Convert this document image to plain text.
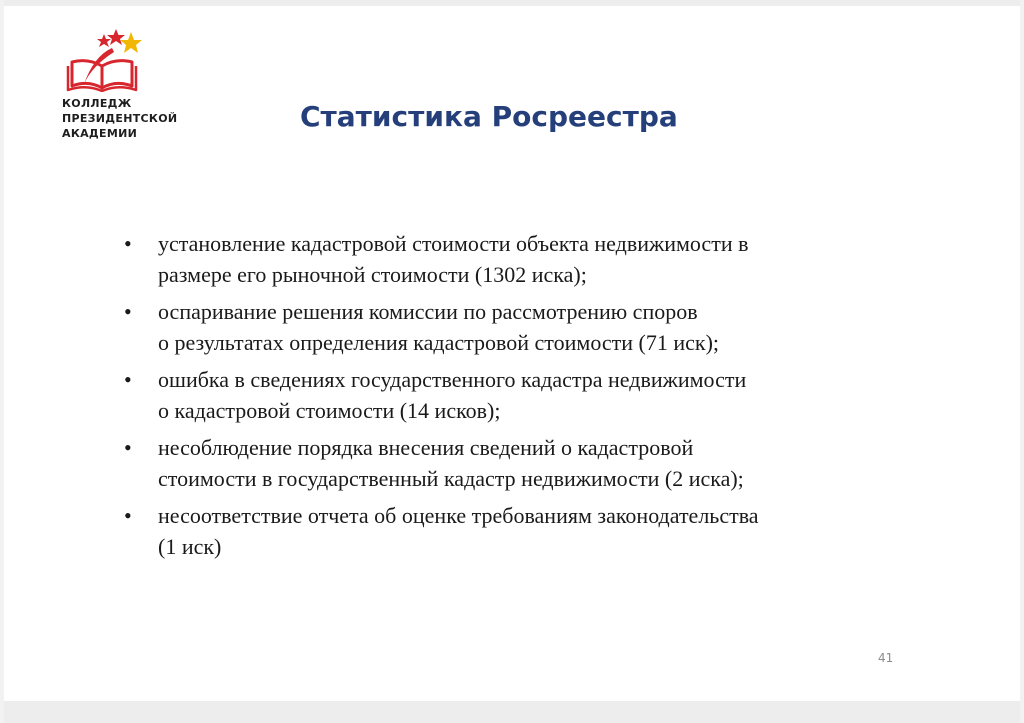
КОЛЛЕДЖ
ПРЕЗИДЕНТСКОЙ
АКАДЕМИИ
Статистика Росреестра
• установление кадастровой стоимости объекта недвижимости в
размере его рыночной стоимости (1302 иска);
• оспаривание решения комиссии по рассмотрению споров
о результатах определения кадастровой стоимости (71 иск);
• ошибка в сведениях государственного кадастра недвижимости
о кадастровой стоимости (14 исков);
• несоблюдение порядка внесения сведений о кадастровой
стоимости в государственный кадастр недвижимости (2 иска);
• несоответствие отчета об оценке требованиям законодательства
(1 иск)
41
